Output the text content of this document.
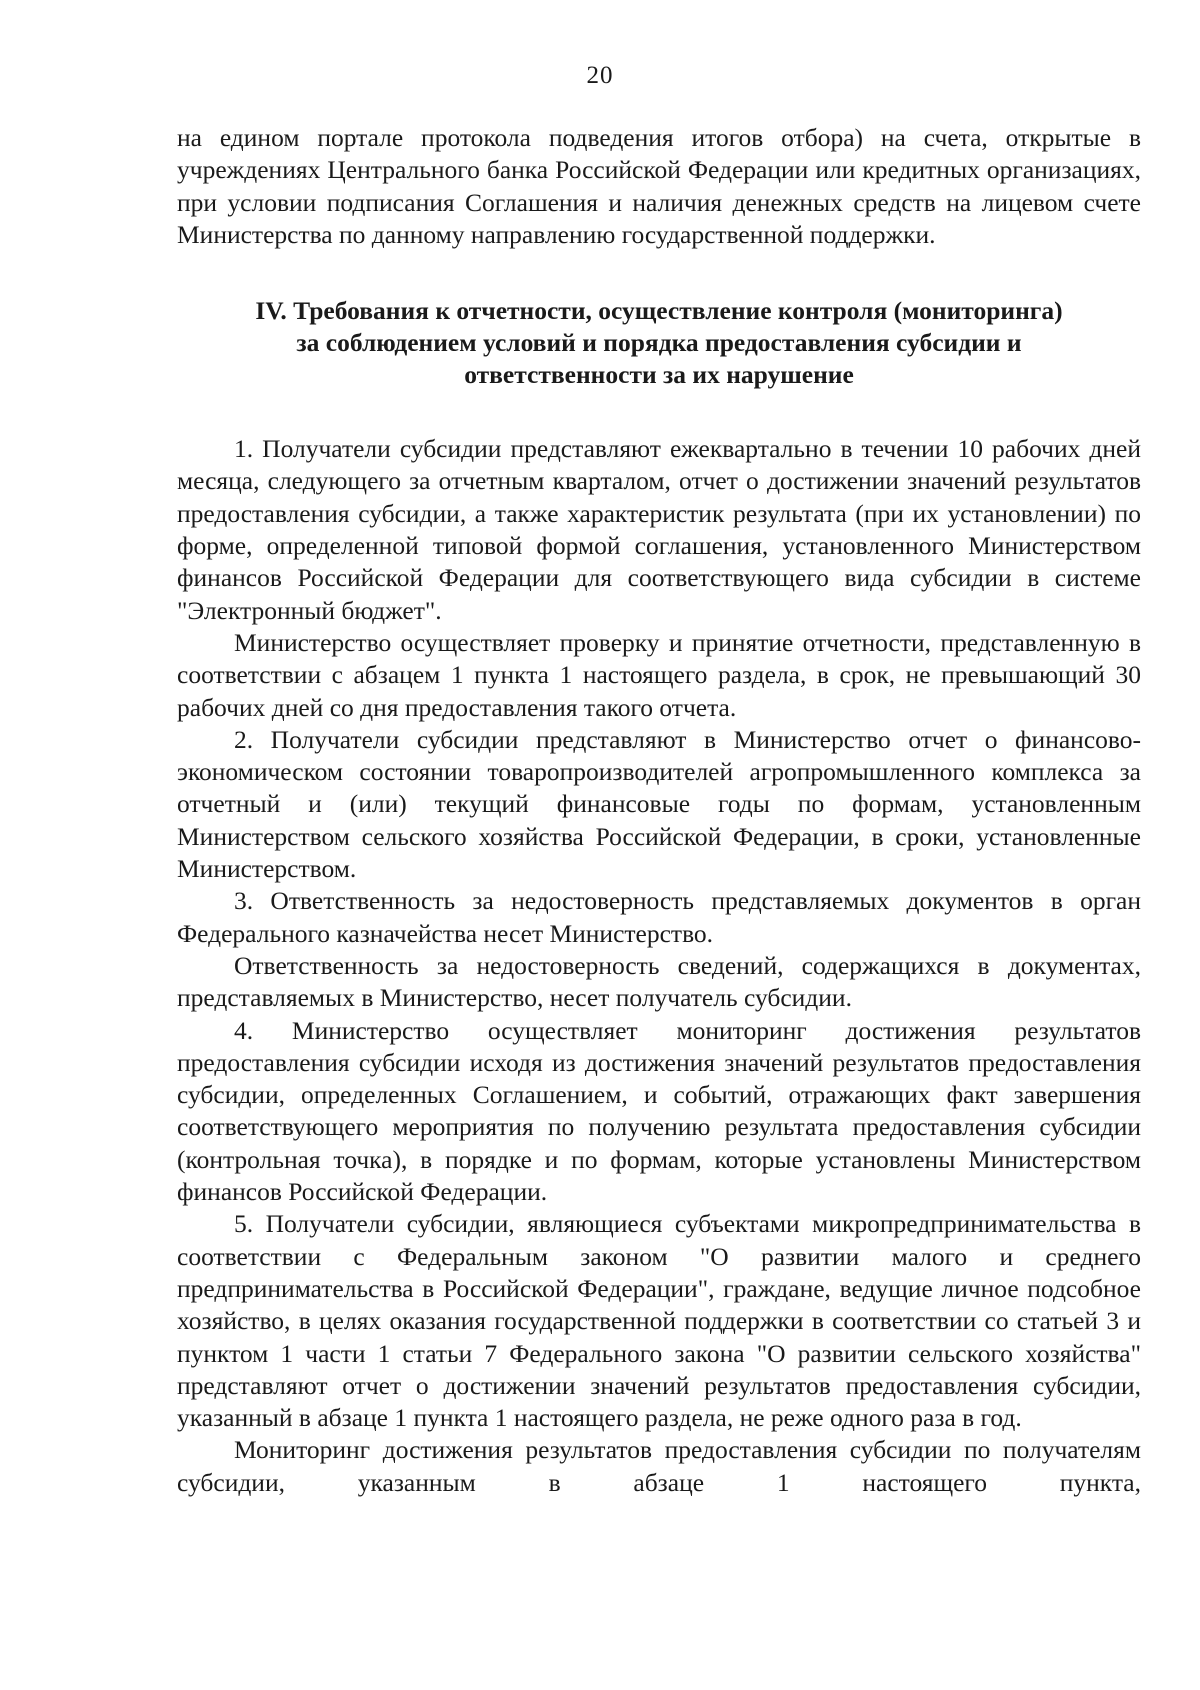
20

на едином портале протокола подведения итогов отбора) на счета, открытые в учреждениях Центрального банка Российской Федерации или кредитных организациях, при условии подписания Соглашения и наличия денежных средств на лицевом счете Министерства по данному направлению государственной поддержки.

IV. Требования к отчетности, осуществление контроля (мониторинга)
за соблюдением условий и порядка предоставления субсидии и
ответственности за их нарушение

1. Получатели субсидии представляют ежеквартально в течении 10 рабочих дней месяца, следующего за отчетным кварталом, отчет о достижении значений результатов предоставления субсидии, а также характеристик результата (при их установлении) по форме, определенной типовой формой соглашения, установленного Министерством финансов Российской Федерации для соответствующего вида субсидии в системе "Электронный бюджет".

Министерство осуществляет проверку и принятие отчетности, представленную в соответствии с абзацем 1 пункта 1 настоящего раздела, в срок, не превышающий 30 рабочих дней со дня предоставления такого отчета.

2. Получатели субсидии представляют в Министерство отчет о финансово-экономическом состоянии товаропроизводителей агропромышленного комплекса за отчетный и (или) текущий финансовые годы по формам, установленным Министерством сельского хозяйства Российской Федерации, в сроки, установленные Министерством.

3. Ответственность за недостоверность представляемых документов в орган Федерального казначейства несет Министерство.

Ответственность за недостоверность сведений, содержащихся в документах, представляемых в Министерство, несет получатель субсидии.

4. Министерство осуществляет мониторинг достижения результатов предоставления субсидии исходя из достижения значений результатов предоставления субсидии, определенных Соглашением, и событий, отражающих факт завершения соответствующего мероприятия по получению результата предоставления субсидии (контрольная точка), в порядке и по формам, которые установлены Министерством финансов Российской Федерации.

5. Получатели субсидии, являющиеся субъектами микропредпринимательства в соответствии с Федеральным законом "О развитии малого и среднего предпринимательства в Российской Федерации", граждане, ведущие личное подсобное хозяйство, в целях оказания государственной поддержки в соответствии со статьей 3 и пунктом 1 части 1 статьи 7 Федерального закона "О развитии сельского хозяйства" представляют отчет о достижении значений результатов предоставления субсидии, указанный в абзаце 1 пункта 1 настоящего раздела, не реже одного раза в год.

Мониторинг достижения результатов предоставления субсидии по получателям субсидии, указанным в абзаце 1 настоящего пункта,
